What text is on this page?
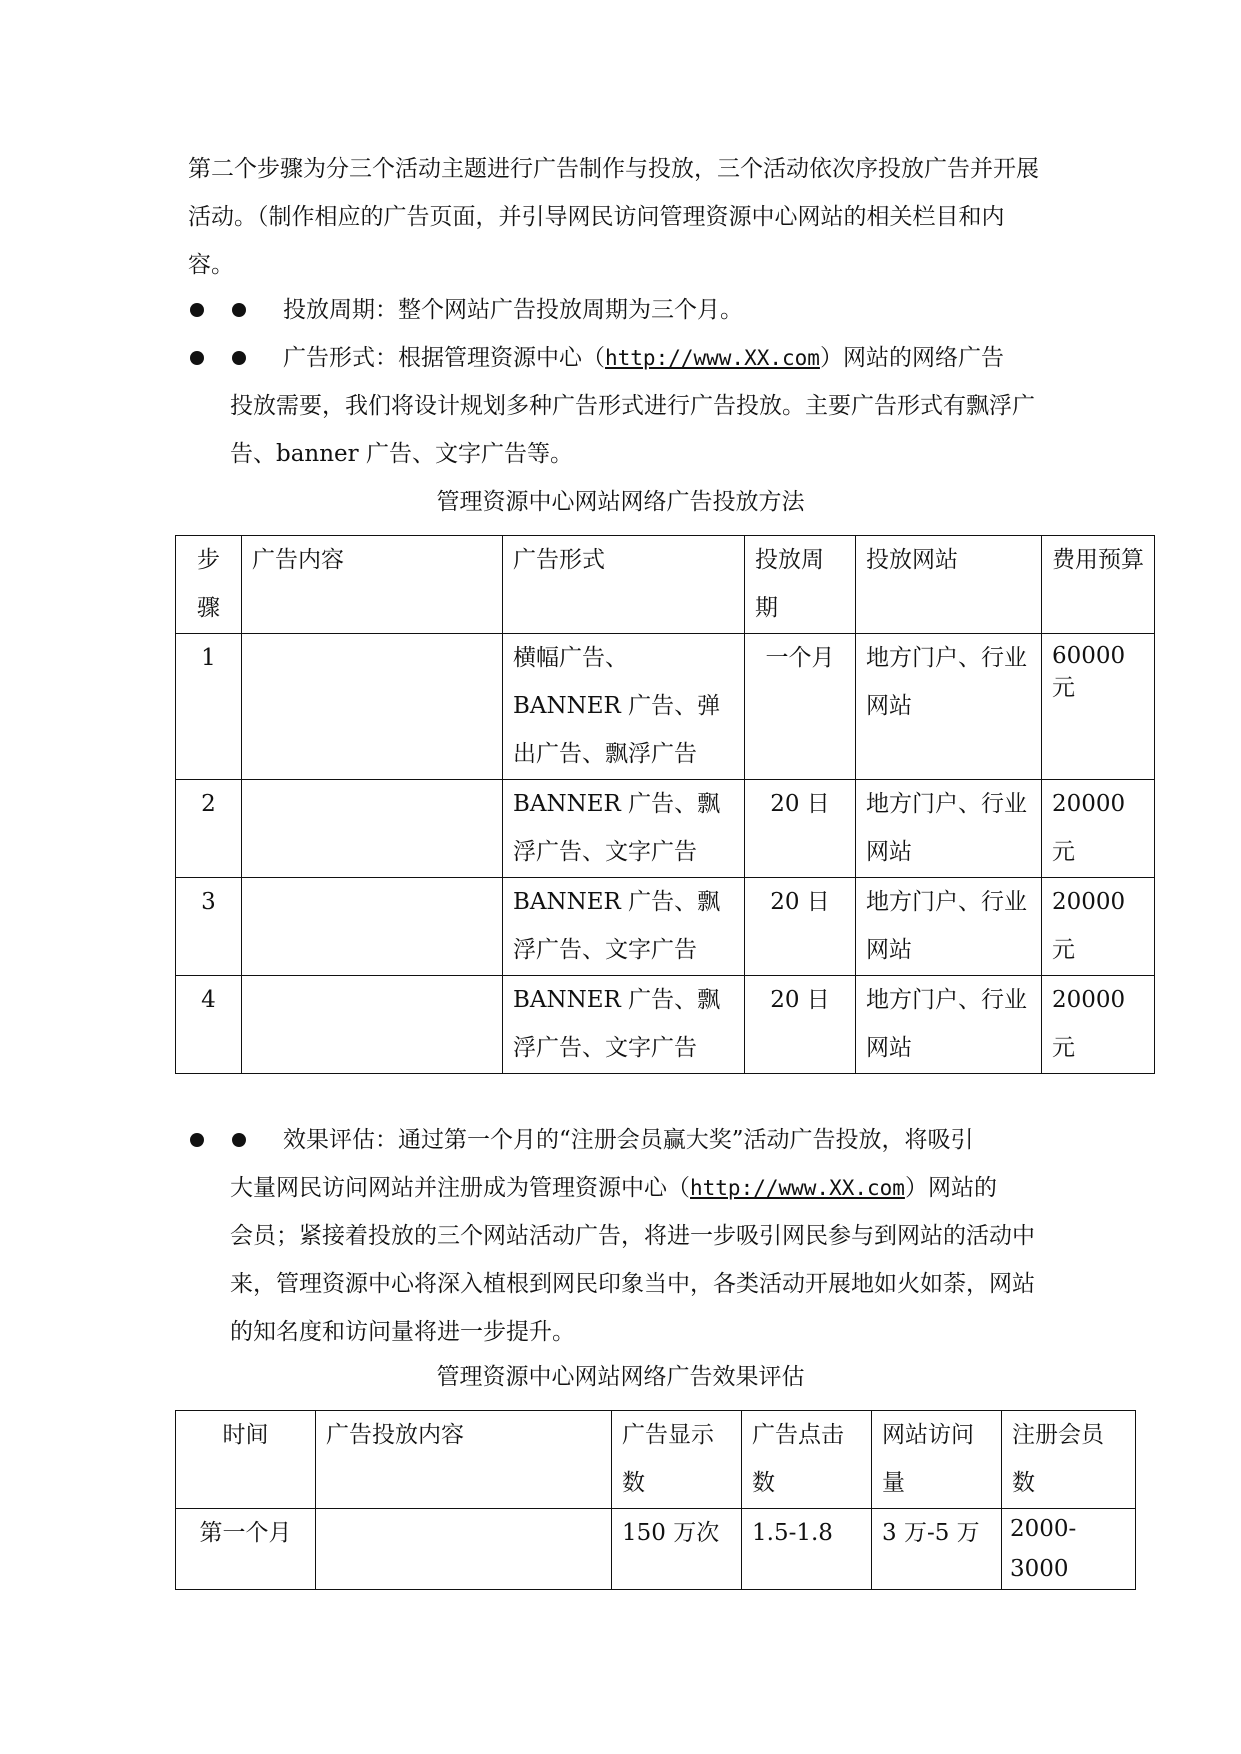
第二个步骤为分三个活动主题进行广告制作与投放，三个活动依次序投放广告并开展活动。（制作相应的广告页面，并引导网民访问管理资源中心网站的相关栏目和内容。

投放周期：整个网站广告投放周期为三个月。
广告形式：根据管理资源中心（http://www.XX.com）网站的网络广告
投放需要，我们将设计规划多种广告形式进行广告投放。主要广告形式有飘浮广告、banner 广告、文字广告等。
管理资源中心网站网络广告投放方法
步骤	广告内容	广告形式	投放周期	投放网站	费用预算
1		横幅广告、BANNER 广告、弹出广告、飘浮广告	一个月	地方门户、行业网站	60000 元
2		BANNER 广告、飘浮广告、文字广告	20 日	地方门户、行业网站	20000 元
3		BANNER 广告、飘浮广告、文字广告	20 日	地方门户、行业网站	20000 元
4		BANNER 广告、飘浮广告、文字广告	20 日	地方门户、行业网站	20000 元
效果评估：通过第一个月的“注册会员赢大奖”活动广告投放，将吸引
大量网民访问网站并注册成为管理资源中心（http://www.XX.com）网站的
会员；紧接着投放的三个网站活动广告，将进一步吸引网民参与到网站的活动中来，管理资源中心将深入植根到网民印象当中，各类活动开展地如火如荼，网站的知名度和访问量将进一步提升。
管理资源中心网站网络广告效果评估
时间	广告投放内容	广告显示数	广告点击数	网站访问量	注册会员数
第一个月		150 万次	1.5-1.8	3 万-5 万	2000-3000
